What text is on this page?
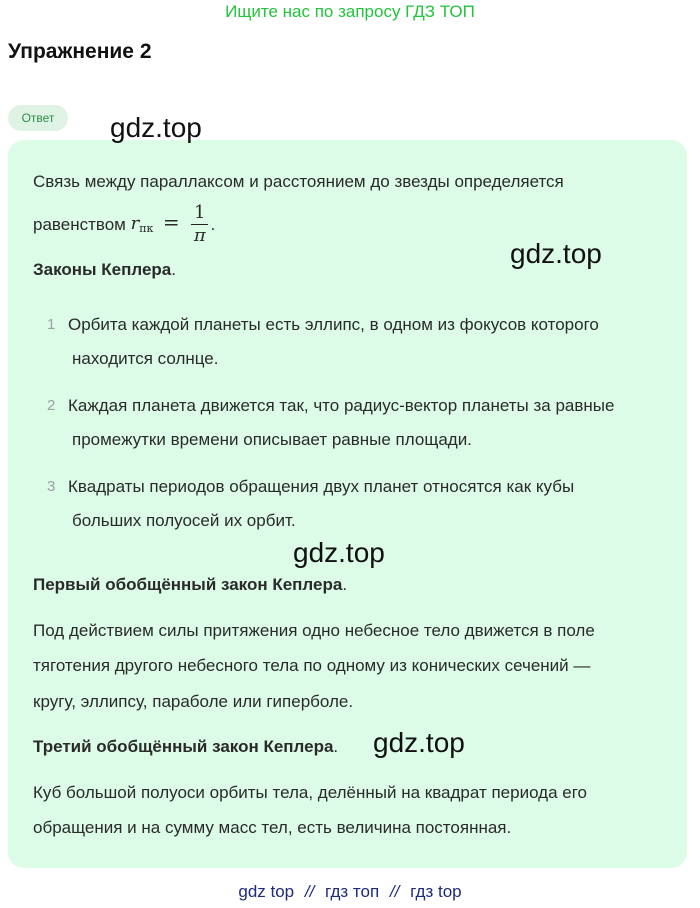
Ищите нас по запросу ГДЗ ТОП
Упражнение 2
Ответ	gdz.top
gdz.top
gdz.top
gdz.top

Связь между параллаксом и расстоянием до звезды определяется

равенством $r_{пк} = \frac{1}{\pi}$ .

Законы Кеплера.

1 Орбита каждой планеты есть эллипс, в одном из фокусов которого
находится солнце.
2 Каждая планета движется так, что радиус-вектор планеты за равные
промежутки времени описывает равные площади.
3 Квадраты периодов обращения двух планет относятся как кубы
больших полуосей их орбит.

Первый обобщённый закон Кеплера.

Под действием силы притяжения одно небесное тело движется в поле

тяготения другого небесного тела по одному из конических сечений —

кругу, эллипсу, параболе или гиперболе.

Третий обобщённый закон Кеплера.

Куб большой полуоси орбиты тела, делённый на квадрат периода его

обращения и на сумму масс тел, есть величина постоянная.

gdz top // гдз топ // гдз top
